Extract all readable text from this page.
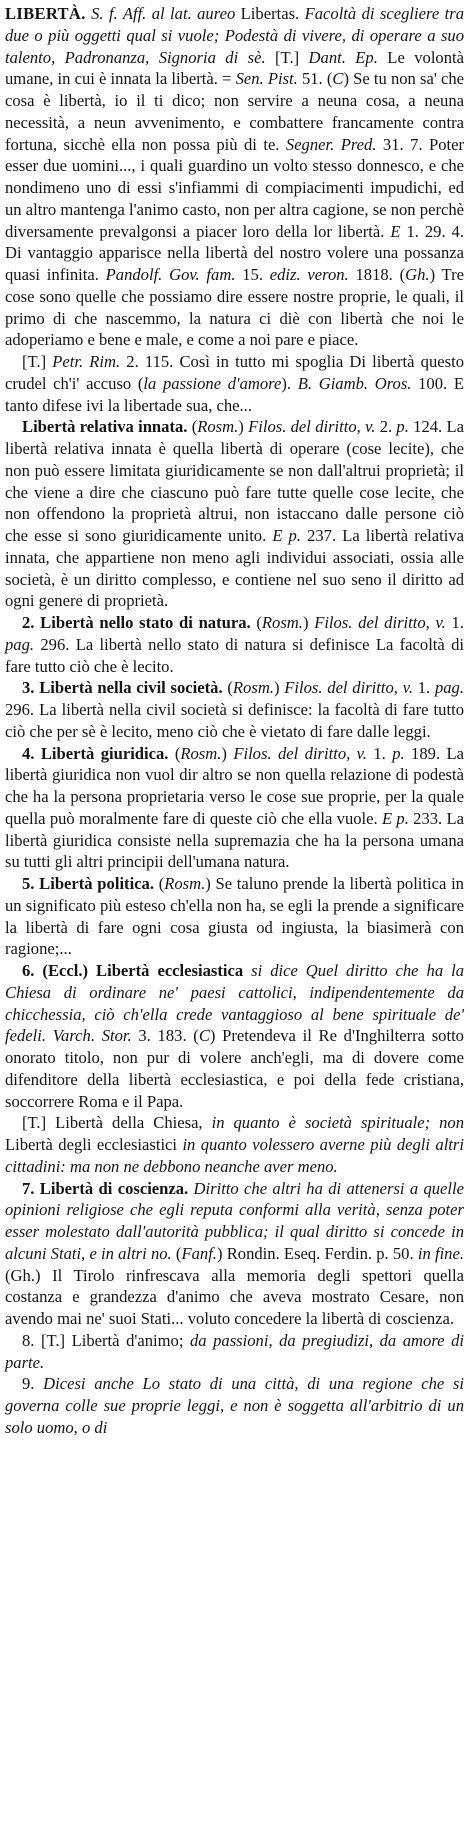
LIBERTÀ. S. f. Aff. al lat. aureo Libertas. Facoltà di scegliere tra due o più oggetti qual si vuole; Podestà di vivere, di operare a suo talento, Padronanza, Signoria di sè. [T.] Dant. Ep. Le volontà umane, in cui è innata la libertà. = Sen. Pist. 51. (C) Se tu non sa' che cosa è libertà, io il ti dico; non servire a neuna cosa, a neuna necessità, a neun avvenimento, e combattere francamente contra fortuna, sicchè ella non possa più di te. Segner. Pred. 31. 7. Poter esser due uomini..., i quali guardino un volto stesso donnesco, e che nondimeno uno di essi s'infiammi di compiacimenti impudichi, ed un altro mantenga l'animo casto, non per altra cagione, se non perchè diversamente prevalgonsi a piacer loro della lor libertà. E 1. 29. 4. Di vantaggio apparisce nella libertà del nostro volere una possanza quasi infinita. Pandolf. Gov. fam. 15. ediz. veron. 1818. (Gh.) Tre cose sono quelle che possiamo dire essere nostre proprie, le quali, il primo di che nascemmo, la natura ci diè con libertà che noi le adoperiamo e bene e male, e come a noi pare e piace.

[T.] Petr. Rim. 2. 115. Così in tutto mi spoglia Di libertà questo crudel ch'i' accuso (la passione d'amore). B. Giamb. Oros. 100. E tanto difese ivi la libertade sua, che...

Libertà relativa innata. (Rosm.) Filos. del diritto, v. 2. p. 124. La libertà relativa innata è quella libertà di operare (cose lecite), che non può essere limitata giuridicamente se non dall'altrui proprietà; il che viene a dire che ciascuno può fare tutte quelle cose lecite, che non offendono la proprietà altrui, non istaccano dalle persone ciò che esse si sono giuridicamente unito. E p. 237. La libertà relativa innata, che appartiene non meno agli individui associati, ossia alle società, è un diritto complesso, e contiene nel suo seno il diritto ad ogni genere di proprietà.

2. Libertà nello stato di natura. (Rosm.) Filos. del diritto, v. 1. pag. 296. La libertà nello stato di natura si definisce La facoltà di fare tutto ciò che è lecito.

3. Libertà nella civil società. (Rosm.) Filos. del diritto, v. 1. pag. 296. La libertà nella civil società si definisce: la facoltà di fare tutto ciò che per sè è lecito, meno ciò che è vietato di fare dalle leggi.

4. Libertà giuridica. (Rosm.) Filos. del diritto, v. 1. p. 189. La libertà giuridica non vuol dir altro se non quella relazione di podestà che ha la persona proprietaria verso le cose sue proprie, per la quale quella può moralmente fare di queste ciò che ella vuole. E p. 233. La libertà giuridica consiste nella supremazia che ha la persona umana su tutti gli altri principii dell'umana natura.

5. Libertà politica. (Rosm.) Se taluno prende la libertà politica in un significato più esteso ch'ella non ha, se egli la prende a significare la libertà di fare ogni cosa giusta od ingiusta, la biasimerà con ragione;...

6. (Eccl.) Libertà ecclesiastica si dice Quel diritto che ha la Chiesa di ordinare ne' paesi cattolici, indipendentemente da chicchessia, ciò ch'ella crede vantaggioso al bene spirituale de' fedeli. Varch. Stor. 3. 183. (C) Pretendeva il Re d'Inghilterra sotto onorato titolo, non pur di volere anch'egli, ma di dovere come difenditore della libertà ecclesiastica, e poi della fede cristiana, soccorrere Roma e il Papa.

[T.] Libertà della Chiesa, in quanto è società spirituale; non Libertà degli ecclesiastici in quanto volessero averne più degli altri cittadini: ma non ne debbono neanche aver meno.

7. Libertà di coscienza. Diritto che altri ha di attenersi a quelle opinioni religiose che egli reputa conformi alla verità, senza poter esser molestato dall'autorità pubblica; il qual diritto si concede in alcuni Stati, e in altri no. (Fanf.) Rondin. Eseq. Ferdin. p. 50. in fine. (Gh.) Il Tirolo rinfrescava alla memoria degli spettori quella costanza e grandezza d'animo che aveva mostrato Cesare, non avendo mai ne' suoi Stati... voluto concedere la libertà di coscienza.

8. [T.] Libertà d'animo; da passioni, da pregiudizi, da amore di parte.

9. Dicesi anche Lo stato di una città, di una regione che si governa colle sue proprie leggi, e non è soggetta all'arbitrio di un solo uomo, o di
